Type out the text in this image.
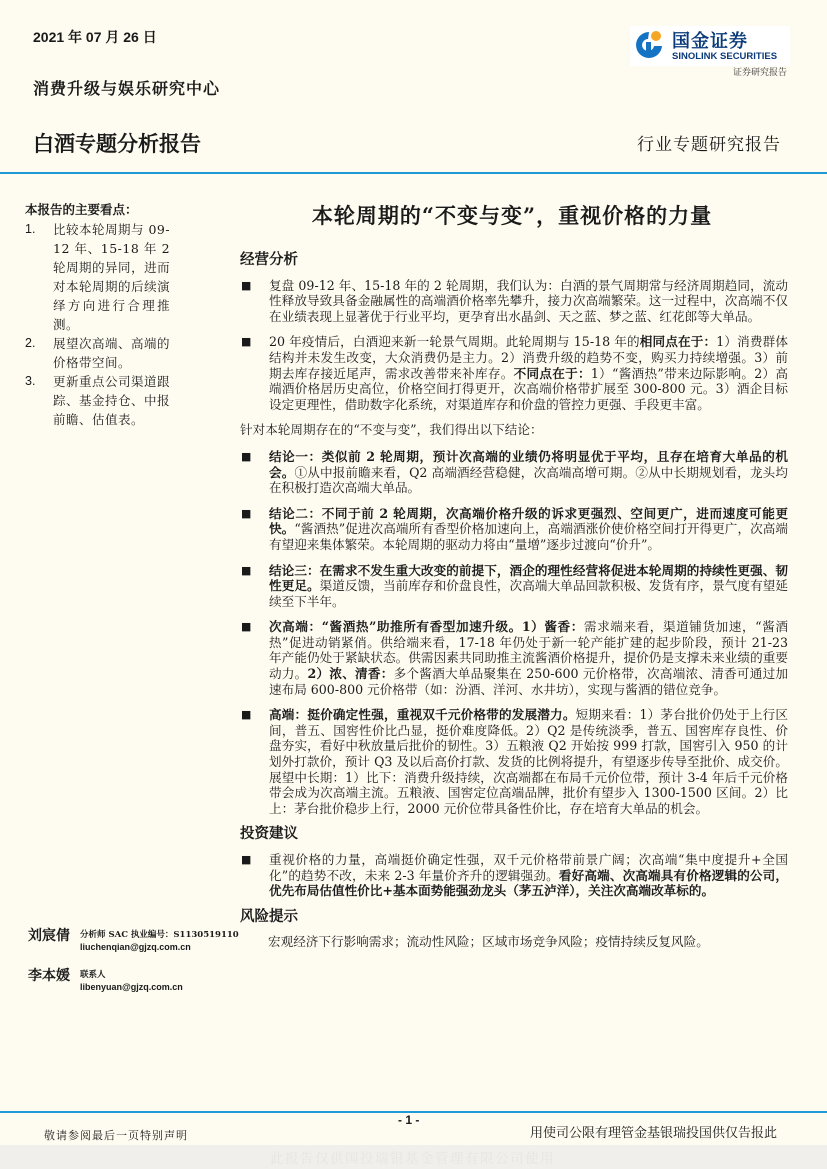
2021 年 07 月 26 日
消费升级与娱乐研究中心
白酒专题分析报告	行业专题研究报告
国金证券
SINOLINK SECURITIES
证券研究报告
本报告的主要看点：
1.	比较本轮周期与 09-
12 年、15-18 年 2
轮周期的异同，进而
对本轮周期的后续演
绎方向进行合理推
测。
2.	展望次高端、高端的
价格带空间。
3.	更新重点公司渠道跟
踪、基金持仓、中报
前瞻、估值表。
本轮周期的“不变与变”，重视价格的力量
经营分析
■	复盘 09-12 年、15-18 年的 2 轮周期，我们认为：白酒的景气周期常与经济周期趋同，流动性释放导致具备金融属性的高端酒价格率先攀升，接力次高端繁荣。这一过程中，次高端不仅在业绩表现上显著优于行业平均，更孕育出水晶剑、天之蓝、梦之蓝、红花郎等大单品。
■	20 年疫情后，白酒迎来新一轮景气周期。此轮周期与 15-18 年的相同点在于：1）消费群体结构并未发生改变，大众消费仍是主力。2）消费升级的趋势不变，购买力持续增强。3）前期去库存接近尾声，需求改善带来补库存。不同点在于：1）“酱酒热”带来边际影响。2）高端酒价格居历史高位，价格空间打得更开，次高端价格带扩展至 300-800 元。3）酒企目标设定更理性，借助数字化系统，对渠道库存和价盘的管控力更强、手段更丰富。
针对本轮周期存在的“不变与变”，我们得出以下结论：
■	结论一：类似前 2 轮周期，预计次高端的业绩仍将明显优于平均，且存在培育大单品的机会。①从中报前瞻来看，Q2 高端酒经营稳健，次高端高增可期。②从中长期规划看，龙头均在积极打造次高端大单品。
■	结论二：不同于前 2 轮周期，次高端价格升级的诉求更强烈、空间更广，进而速度可能更快。“酱酒热”促进次高端所有香型价格加速向上，高端酒涨价使价格空间打开得更广，次高端有望迎来集体繁荣。本轮周期的驱动力将由“量增”逐步过渡向“价升”。
■	结论三：在需求不发生重大改变的前提下，酒企的理性经营将促进本轮周期的持续性更强、韧性更足。渠道反馈，当前库存和价盘良性，次高端大单品回款积极、发货有序，景气度有望延续至下半年。
■	次高端：“酱酒热”助推所有香型加速升级。1）酱香：需求端来看，渠道铺货加速，“酱酒热”促进动销紧俏。供给端来看，17-18 年仍处于新一轮产能扩建的起步阶段，预计 21-23 年产能仍处于紧缺状态。供需因素共同助推主流酱酒价格提升，提价仍是支撑未来业绩的重要动力。2）浓、清香：多个酱酒大单品聚集在 250-600 元价格带，次高端浓、清香可通过加速布局 600-800 元价格带（如：汾酒、洋河、水井坊），实现与酱酒的错位竞争。
■	高端：挺价确定性强，重视双千元价格带的发展潜力。短期来看：1）茅台批价仍处于上行区间，普五、国窖性价比凸显，挺价难度降低。2）Q2 是传统淡季，普五、国窖库存良性、价盘夯实，看好中秋放量后批价的韧性。3）五粮液 Q2 开始按 999 打款，国窖引入 950 的计划外打款价，预计 Q3 及以后高价打款、发货的比例将提升，有望逐步传导至批价、成交价。展望中长期：1）比下：消费升级持续，次高端都在布局千元价位带，预计 3-4 年后千元价格带会成为次高端主流。五粮液、国窖定位高端品牌，批价有望步入 1300-1500 区间。2）比上：茅台批价稳步上行，2000 元价位带具备性价比，存在培育大单品的机会。
投资建议
■	重视价格的力量，高端挺价确定性强，双千元价格带前景广阔；次高端“集中度提升+全国化”的趋势不改，未来 2-3 年量价齐升的逻辑强劲。看好高端、次高端具有价格逻辑的公司，优先布局估值性价比+基本面势能强劲龙头（茅五泸洋），关注次高端改革标的。
风险提示
宏观经济下行影响需求；流动性风险；区域市场竞争风险；疫情持续反复风险。
刘宸倩	分析师 SAC 执业编号：S1130519110
liuchenqian@gjzq.com.cn
李本媛	联系人
libenyuan@gjzq.com.cn
- 1 -
敬请参阅最后一页特别声明	用使司公限有理管金基银瑞投国供仅告报此
此报告仅供国投瑞银基金管理有限公司使用
